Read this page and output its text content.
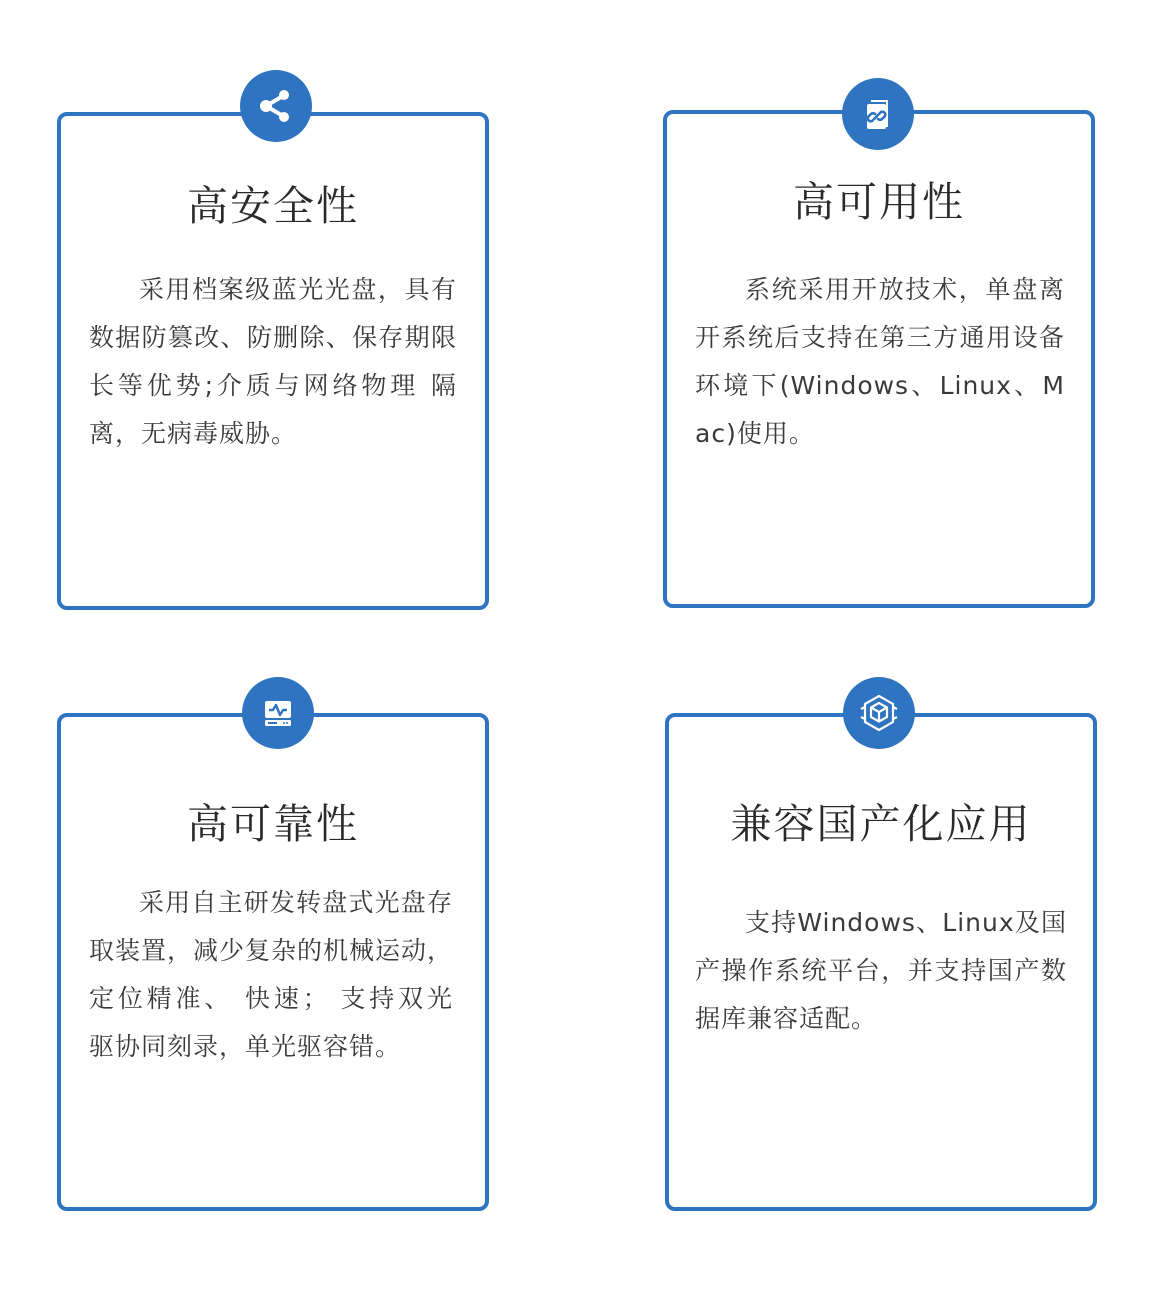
高安全性

采用档案级蓝光光盘，具有数据防篡改、防删除、保存期限长等优势;介质与网络物理 隔离，无病毒威胁。

高可用性

系统采用开放技术，单盘离开系统后支持在第三方通用设备环境下(Windows、Linux、Mac)使用。

高可靠性

采用自主研发转盘式光盘存取装置，减少复杂的机械运动， 定位精准、 快速； 支持双光　 驱协同刻录，单光驱容错。

兼容国产化应用

支持Windows、Linux及国产操作系统平台，并支持国产数据库兼容适配。
